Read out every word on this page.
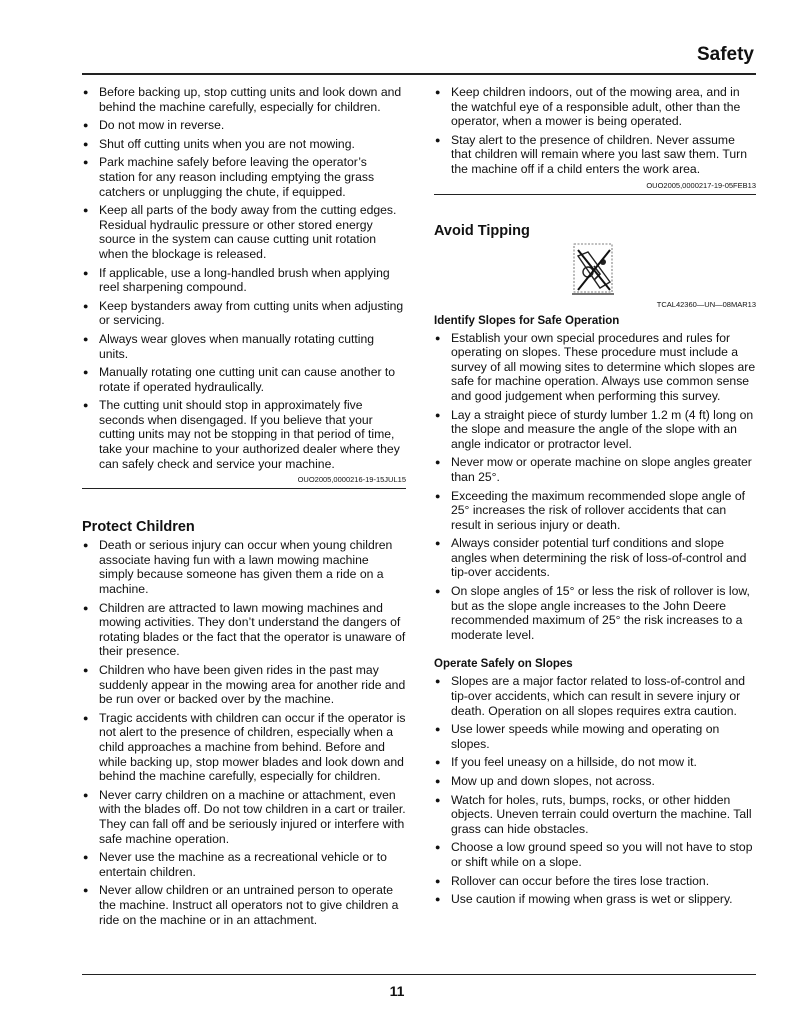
Safety
● Before backing up, stop cutting units and look down and behind the machine carefully, especially for children.
● Do not mow in reverse.
● Shut off cutting units when you are not mowing.
● Park machine safely before leaving the operator’s station for any reason including emptying the grass catchers or unplugging the chute, if equipped.
● Keep all parts of the body away from the cutting edges. Residual hydraulic pressure or other stored energy source in the system can cause cutting unit rotation when the blockage is released.
● If applicable, use a long-handled brush when applying reel sharpening compound.
● Keep bystanders away from cutting units when adjusting or servicing.
● Always wear gloves when manually rotating cutting units.
● Manually rotating one cutting unit can cause another to rotate if operated hydraulically.
● The cutting unit should stop in approximately five seconds when disengaged. If you believe that your cutting units may not be stopping in that period of time, take your machine to your authorized dealer where they can safely check and service your machine.
OUO2005,0000216-19-15JUL15
Protect Children
● Death or serious injury can occur when young children associate having fun with a lawn mowing machine simply because someone has given them a ride on a machine.
● Children are attracted to lawn mowing machines and mowing activities. They don’t understand the dangers of rotating blades or the fact that the operator is unaware of their presence.
● Children who have been given rides in the past may suddenly appear in the mowing area for another ride and be run over or backed over by the machine.
● Tragic accidents with children can occur if the operator is not alert to the presence of children, especially when a child approaches a machine from behind. Before and while backing up, stop mower blades and look down and behind the machine carefully, especially for children.
● Never carry children on a machine or attachment, even with the blades off. Do not tow children in a cart or trailer. They can fall off and be seriously injured or interfere with safe machine operation.
● Never use the machine as a recreational vehicle or to entertain children.
● Never allow children or an untrained person to operate the machine. Instruct all operators not to give children a ride on the machine or in an attachment.
● Keep children indoors, out of the mowing area, and in the watchful eye of a responsible adult, other than the operator, when a mower is being operated.
● Stay alert to the presence of children. Never assume that children will remain where you last saw them. Turn the machine off if a child enters the work area.
OUO2005,0000217-19-05FEB13
Avoid Tipping
TCAL42360—UN—08MAR13
Identify Slopes for Safe Operation
● Establish your own special procedures and rules for operating on slopes. These procedure must include a survey of all mowing sites to determine which slopes are safe for machine operation. Always use common sense and good judgement when performing this survey.
● Lay a straight piece of sturdy lumber 1.2 m (4 ft) long on the slope and measure the angle of the slope with an angle indicator or protractor level.
● Never mow or operate machine on slope angles greater than 25°.
● Exceeding the maximum recommended slope angle of 25° increases the risk of rollover accidents that can result in serious injury or death.
● Always consider potential turf conditions and slope angles when determining the risk of loss-of-control and tip-over accidents.
● On slope angles of 15° or less the risk of rollover is low, but as the slope angle increases to the John Deere recommended maximum of 25° the risk increases to a moderate level.
Operate Safely on Slopes
● Slopes are a major factor related to loss-of-control and tip-over accidents, which can result in severe injury or death. Operation on all slopes requires extra caution.
● Use lower speeds while mowing and operating on slopes.
● If you feel uneasy on a hillside, do not mow it.
● Mow up and down slopes, not across.
● Watch for holes, ruts, bumps, rocks, or other hidden objects. Uneven terrain could overturn the machine. Tall grass can hide obstacles.
● Choose a low ground speed so you will not have to stop or shift while on a slope.
● Rollover can occur before the tires lose traction.
● Use caution if mowing when grass is wet or slippery.
11
